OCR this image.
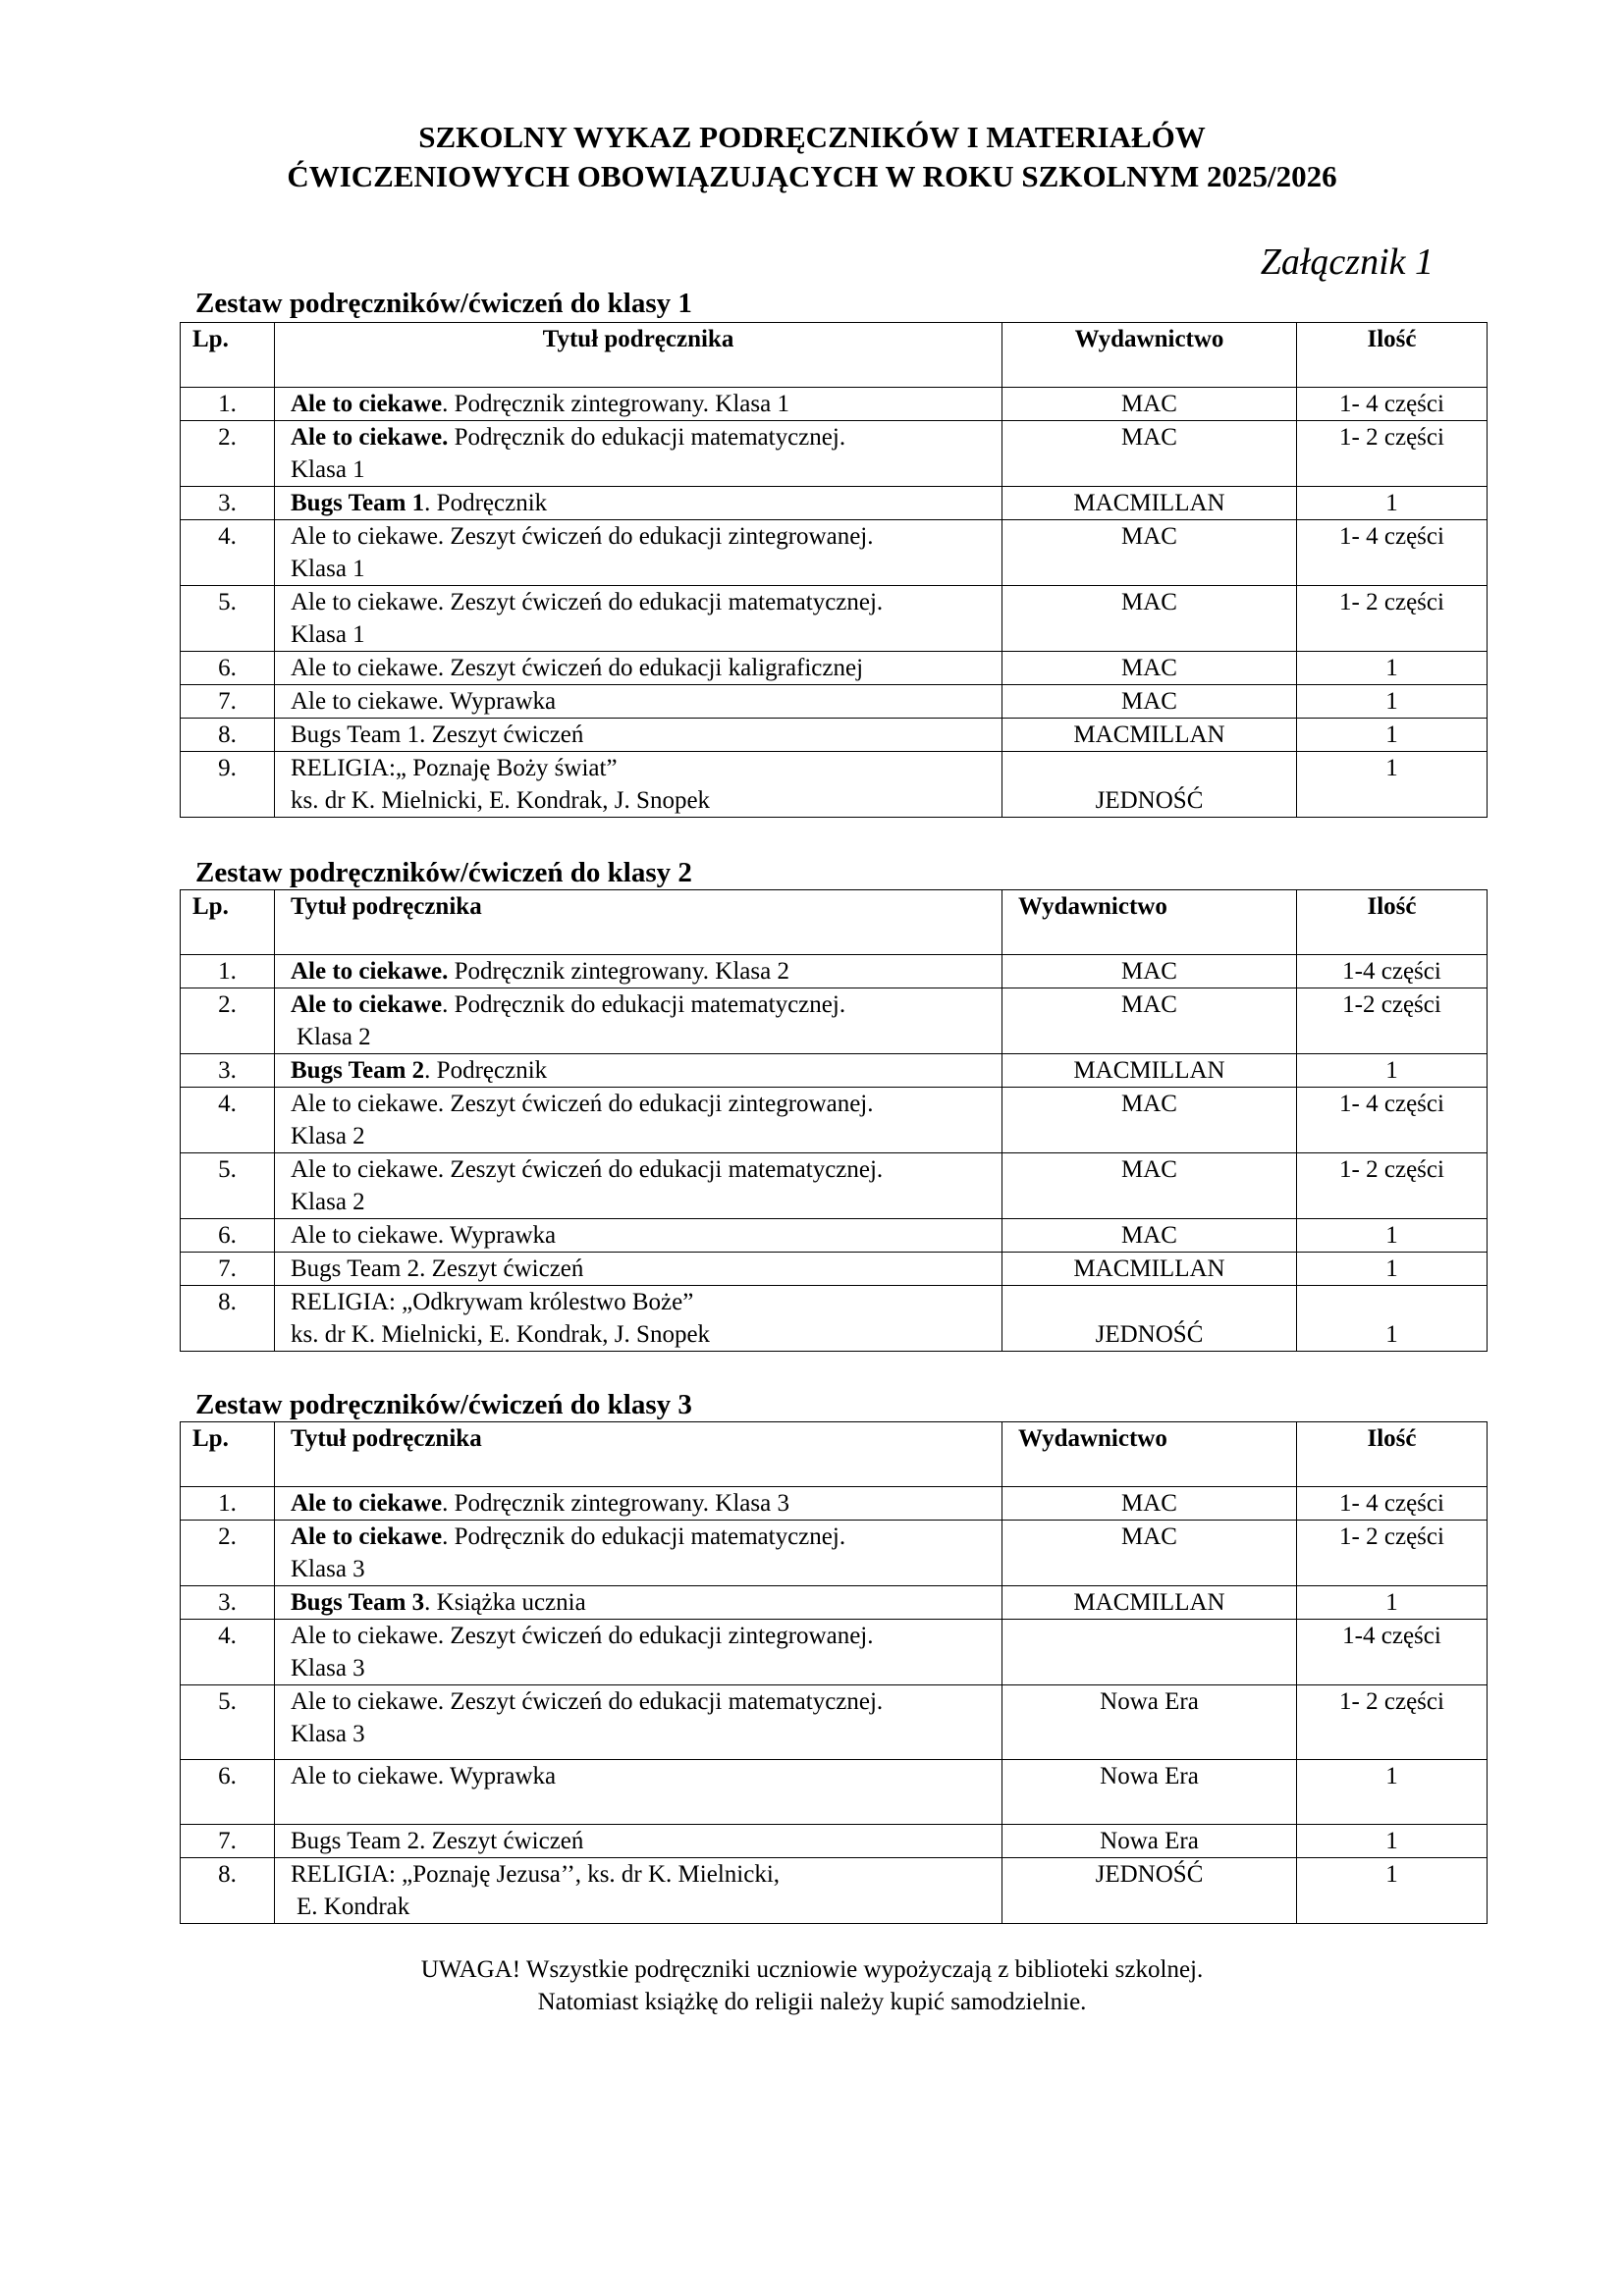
SZKOLNY WYKAZ PODRĘCZNIKÓW I MATERIAŁÓW
ĆWICZENIOWYCH OBOWIĄZUJĄCYCH W ROKU SZKOLNYM 2025/2026
Załącznik 1
Zestaw podręczników/ćwiczeń do klasy 1
Lp.	Tytuł podręcznika	Wydawnictwo	Ilość
1.	Ale to ciekawe. Podręcznik zintegrowany. Klasa 1	MAC	1- 4 części
2.	Ale to ciekawe. Podręcznik do edukacji matematycznej.
Klasa 1	MAC	1- 2 części
3.	Bugs Team 1. Podręcznik	MACMILLAN	1
4.	Ale to ciekawe. Zeszyt ćwiczeń do edukacji zintegrowanej.
Klasa 1	MAC	1- 4 części
5.	Ale to ciekawe. Zeszyt ćwiczeń do edukacji matematycznej.
Klasa 1	MAC	1- 2 części
6.	Ale to ciekawe. Zeszyt ćwiczeń do edukacji kaligraficznej	MAC	1
7.	Ale to ciekawe. Wyprawka	MAC	1
8.	Bugs Team 1. Zeszyt ćwiczeń	MACMILLAN	1
9.	RELIGIA:„ Poznaję Boży świat”
ks. dr K. Mielnicki, E. Kondrak, J. Snopek	JEDNOŚĆ	1
Zestaw podręczników/ćwiczeń do klasy 2
Lp.	Tytuł podręcznika	Wydawnictwo	Ilość
1.	Ale to ciekawe. Podręcznik zintegrowany. Klasa 2	MAC	1-4 części
2.	Ale to ciekawe. Podręcznik do edukacji matematycznej.
Klasa 2	MAC	1-2 części
3.	Bugs Team 2. Podręcznik	MACMILLAN	1
4.	Ale to ciekawe. Zeszyt ćwiczeń do edukacji zintegrowanej.
Klasa 2	MAC	1- 4 części
5.	Ale to ciekawe. Zeszyt ćwiczeń do edukacji matematycznej.
Klasa 2	MAC	1- 2 części
6.	Ale to ciekawe. Wyprawka	MAC	1
7.	Bugs Team 2. Zeszyt ćwiczeń	MACMILLAN	1
8.	RELIGIA: „Odkrywam królestwo Boże”
ks. dr K. Mielnicki, E. Kondrak, J. Snopek	JEDNOŚĆ	1
Zestaw podręczników/ćwiczeń do klasy 3
Lp.	Tytuł podręcznika	Wydawnictwo	Ilość
1.	Ale to ciekawe. Podręcznik zintegrowany. Klasa 3	MAC	1- 4 części
2.	Ale to ciekawe. Podręcznik do edukacji matematycznej.
Klasa 3	MAC	1- 2 części
3.	Bugs Team 3. Książka ucznia	MACMILLAN	1
4.	Ale to ciekawe. Zeszyt ćwiczeń do edukacji zintegrowanej.
Klasa 3		1-4 części
5.	Ale to ciekawe. Zeszyt ćwiczeń do edukacji matematycznej.
Klasa 3	Nowa Era	1- 2 części
6.	Ale to ciekawe. Wyprawka	Nowa Era	1
7.	Bugs Team 2. Zeszyt ćwiczeń	Nowa Era	1
8.	RELIGIA: „Poznaję Jezusa’’, ks. dr K. Mielnicki,
E. Kondrak	JEDNOŚĆ	1
UWAGA! Wszystkie podręczniki uczniowie wypożyczają z biblioteki szkolnej.
Natomiast książkę do religii należy kupić samodzielnie.
